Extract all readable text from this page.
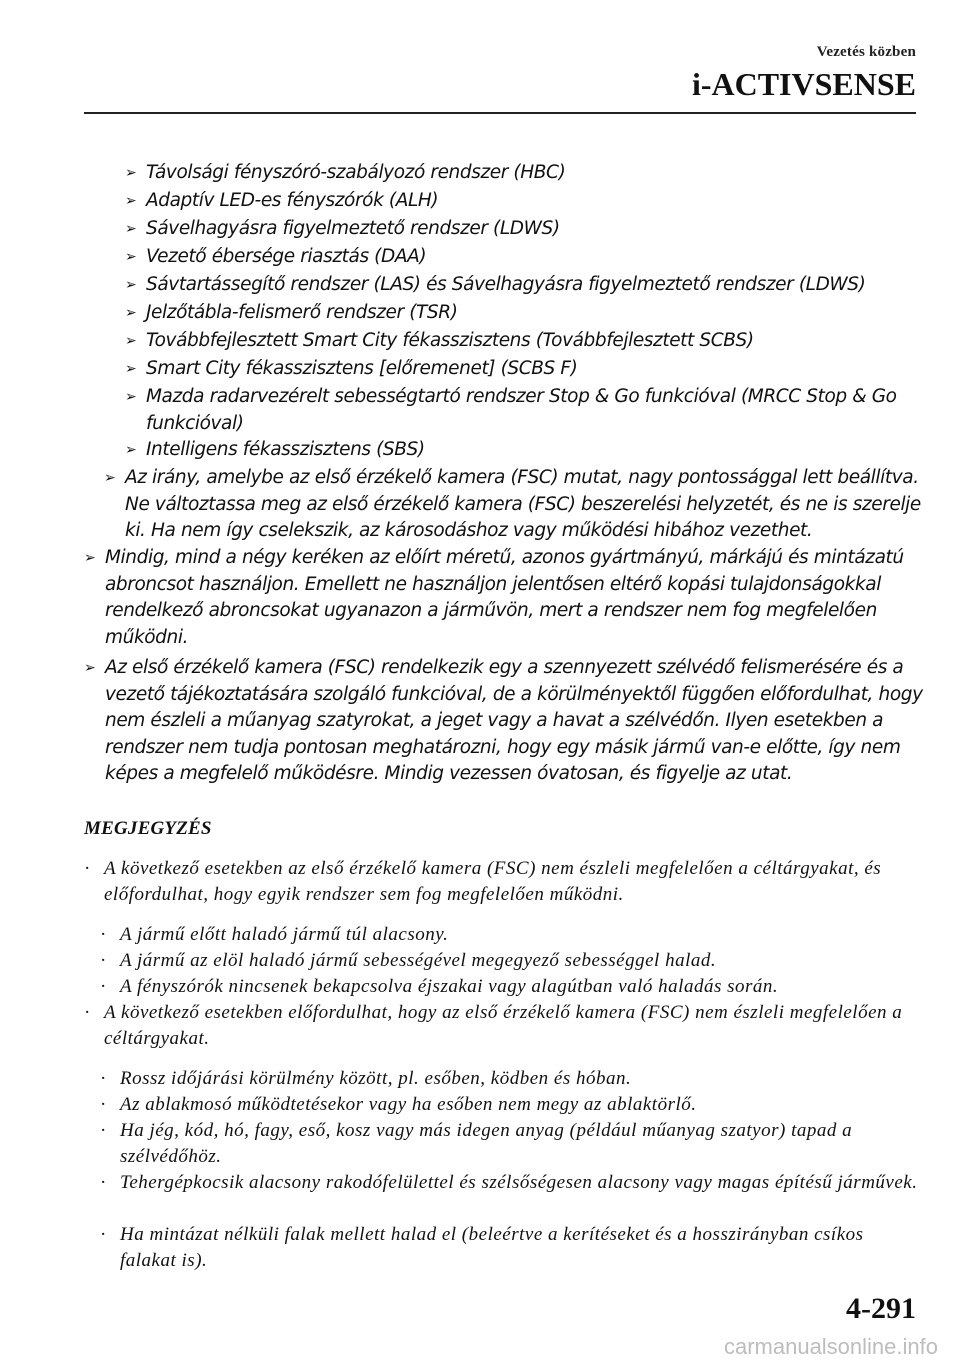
Vezetés közben
i-ACTIVSENSE
➢ Távolsági fényszóró-szabályozó rendszer (HBC)
➢ Adaptív LED-es fényszórók (ALH)
➢ Sávelhagyásra figyelmeztető rendszer (LDWS)
➢ Vezető ébersége riasztás (DAA)
➢ Sávtartássegítő rendszer (LAS) és Sávelhagyásra figyelmeztető rendszer (LDWS)
➢ Jelzőtábla-felismerő rendszer (TSR)
➢ Továbbfejlesztett Smart City fékasszisztens (Továbbfejlesztett SCBS)
➢ Smart City fékasszisztens [előremenet] (SCBS F)
➢ Mazda radarvezérelt sebességtartó rendszer Stop & Go funkcióval (MRCC Stop & Go funkcióval)
➢ Intelligens fékasszisztens (SBS)
➢ Az irány, amelybe az első érzékelő kamera (FSC) mutat, nagy pontossággal lett beállítva. Ne változtassa meg az első érzékelő kamera (FSC) beszerelési helyzetét, és ne is szerelje ki. Ha nem így cselekszik, az károsodáshoz vagy működési hibához vezethet.
➢ Mindig, mind a négy keréken az előírt méretű, azonos gyártmányú, márkájú és mintázatú abroncsot használjon. Emellett ne használjon jelentősen eltérő kopási tulajdonságokkal rendelkező abroncsokat ugyanazon a járművön, mert a rendszer nem fog megfelelően működni.
➢ Az első érzékelő kamera (FSC) rendelkezik egy a szennyezett szélvédő felismerésére és a vezető tájékoztatására szolgáló funkcióval, de a körülményektől függően előfordulhat, hogy nem észleli a műanyag szatyrokat, a jeget vagy a havat a szélvédőn. Ilyen esetekben a rendszer nem tudja pontosan meghatározni, hogy egy másik jármű van-e előtte, így nem képes a megfelelő működésre. Mindig vezessen óvatosan, és figyelje az utat.
MEGJEGYZÉS
· A következő esetekben az első érzékelő kamera (FSC) nem észleli megfelelően a céltárgyakat, és előfordulhat, hogy egyik rendszer sem fog megfelelően működni.
· A jármű előtt haladó jármű túl alacsony.
· A jármű az elöl haladó jármű sebességével megegyező sebességgel halad.
· A fényszórók nincsenek bekapcsolva éjszakai vagy alagútban való haladás során.
· A következő esetekben előfordulhat, hogy az első érzékelő kamera (FSC) nem észleli megfelelően a céltárgyakat.
· Rossz időjárási körülmény között, pl. esőben, ködben és hóban.
· Az ablakmosó működtetésekor vagy ha esőben nem megy az ablaktörlő.
· Ha jég, kód, hó, fagy, eső, kosz vagy más idegen anyag (például műanyag szatyor) tapad a szélvédőhöz.
· Tehergépkocsik alacsony rakodófelülettel és szélsőségesen alacsony vagy magas építésű járművek.
· Ha mintázat nélküli falak mellett halad el (beleértve a kerítéseket és a hosszirányban csíkos falakat is).
4-291
carmanualsonline.info
